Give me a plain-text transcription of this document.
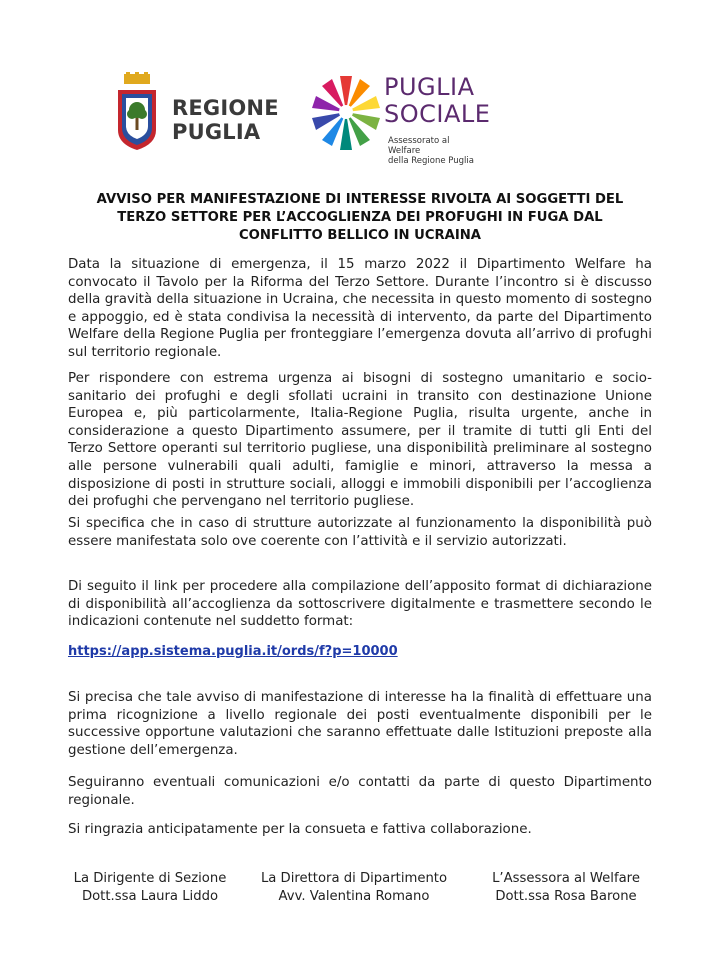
REGIONE
PUGLIA
PUGLIA
SOCIALE
Assessorato al Welfare
della Regione Puglia
AVVISO PER MANIFESTAZIONE DI INTERESSE RIVOLTA AI SOGGETTI DEL
TERZO SETTORE PER L’ACCOGLIENZA DEI PROFUGHI IN FUGA DAL
CONFLITTO BELLICO IN UCRAINA
Data la situazione di emergenza, il 15 marzo 2022 il Dipartimento Welfare ha convocato il Tavolo per la Riforma del Terzo Settore. Durante l’incontro si è discusso della gravità della situazione in Ucraina, che necessita in questo momento di sostegno e appoggio, ed è stata condivisa la necessità di intervento, da parte del Dipartimento Welfare della Regione Puglia per fronteggiare l’emergenza dovuta all’arrivo di profughi sul territorio regionale.
Per rispondere con estrema urgenza ai bisogni di sostegno umanitario e socio-sanitario dei profughi e degli sfollati ucraini in transito con destinazione Unione Europea e, più particolarmente, Italia-Regione Puglia, risulta urgente, anche in considerazione a questo Dipartimento assumere, per il tramite di tutti gli Enti del Terzo Settore operanti sul territorio pugliese, una disponibilità preliminare al sostegno alle persone vulnerabili quali adulti, famiglie e minori, attraverso la messa a disposizione di posti in strutture sociali, alloggi e immobili disponibili per l’accoglienza dei profughi che pervengano nel territorio pugliese.
Si specifica che in caso di strutture autorizzate al funzionamento la disponibilità può essere manifestata solo ove coerente con l’attività e il servizio autorizzati.
Di seguito il link per procedere alla compilazione dell’apposito format di dichiarazione di disponibilità all’accoglienza da sottoscrivere digitalmente e trasmettere secondo le indicazioni contenute nel suddetto format:
https://app.sistema.puglia.it/ords/f?p=10000
Si precisa che tale avviso di manifestazione di interesse ha la finalità di effettuare una prima ricognizione a livello regionale dei posti eventualmente disponibili per le successive opportune valutazioni che saranno effettuate dalle Istituzioni preposte alla gestione dell’emergenza.
Seguiranno eventuali comunicazioni e/o contatti da parte di questo Dipartimento regionale.
Si ringrazia anticipatamente per la consueta e fattiva collaborazione.
La Dirigente di Sezione
Dott.ssa Laura Liddo
La Direttora di Dipartimento
Avv. Valentina Romano
L’Assessora al Welfare
Dott.ssa Rosa Barone
